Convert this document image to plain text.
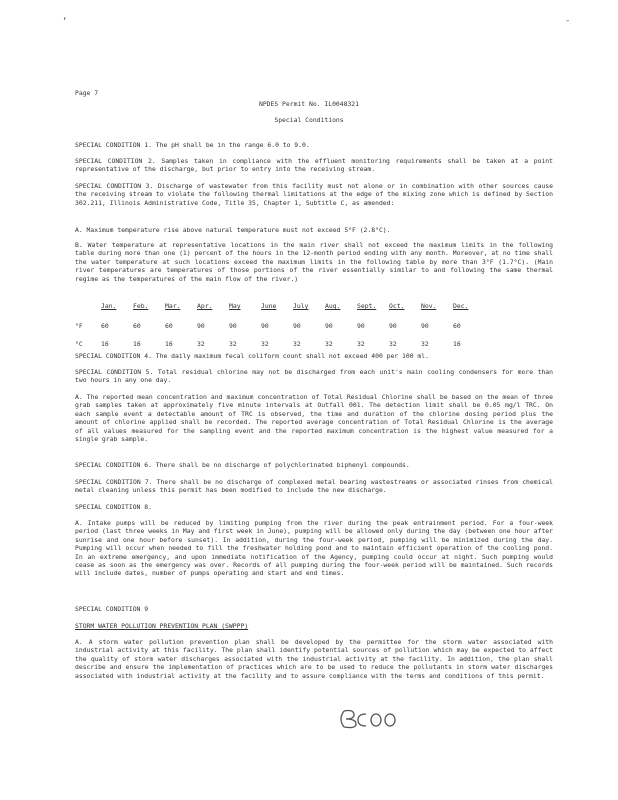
,	-
Page 7
NPDES Permit No. IL0048321
Special Conditions
SPECIAL CONDITION 1. The pH shall be in the range 6.0 to 9.0.
SPECIAL CONDITION 2. Samples taken in compliance with the effluent monitoring requirements shall be taken at a point representative of the discharge, but prior to entry into the receiving stream.
SPECIAL CONDITION 3. Discharge of wastewater from this facility must not alone or in combination with other sources cause the receiving stream to violate the following thermal limitations at the edge of the mixing zone which is defined by Section 302.211, Illinois Administrative Code, Title 35, Chapter 1, Subtitle C, as amended:
A. Maximum temperature rise above natural temperature must not exceed 5°F (2.8°C).
B. Water temperature at representative locations in the main river shall not exceed the maximum limits in the following table during more than one (1) percent of the hours in the 12-month period ending with any month. Moreover, at no time shall the water temperature at such locations exceed the maximum limits in the following table by more than 3°F (1.7°C). (Main river temperatures are temperatures of those portions of the river essentially similar to and following the same thermal regime as the temperatures of the main flow of the river.)
	Jan.	Feb.	Mar.	Apr.	May	June	July	Aug.	Sept.	Oct.	Nov.	Dec.

°F	60	60	60	90	90	90	90	90	90	90	90	60

°C	16	16	16	32	32	32	32	32	32	32	32	16
SPECIAL CONDITION 4. The daily maximum fecal coliform count shall not exceed 400 per 100 ml.
SPECIAL CONDITION 5. Total residual chlorine may not be discharged from each unit's main cooling condensers for more than two hours in any one day.
A. The reported mean concentration and maximum concentration of Total Residual Chlorine shall be based on the mean of three grab samples taken at approximately five minute intervals at Outfall 001. The detection limit shall be 0.05 mg/l TRC. On each sample event a detectable amount of TRC is observed, the time and duration of the chlorine dosing period plus the amount of chlorine applied shall be recorded. The reported average concentration of Total Residual Chlorine is the average of all values measured for the sampling event and the reported maximum concentration is the highest value measured for a single grab sample.
SPECIAL CONDITION 6. There shall be no discharge of polychlorinated biphenyl compounds.
SPECIAL CONDITION 7. There shall be no discharge of complexed metal bearing wastestreams or associated rinses from chemical metal cleaning unless this permit has been modified to include the new discharge.
SPECIAL CONDITION 8.
A. Intake pumps will be reduced by limiting pumping from the river during the peak entrainment period. For a four-week period (last three weeks in May and first week in June), pumping will be allowed only during the day (between one hour after sunrise and one hour before sunset). In addition, during the four-week period, pumping will be minimized during the day. Pumping will occur when needed to fill the freshwater holding pond and to maintain efficient operation of the cooling pond. In an extreme emergency, and upon immediate notification of the Agency, pumping could occur at night. Such pumping would cease as soon as the emergency was over. Records of all pumping during the four-week period will be maintained. Such records will include dates, number of pumps operating and start and end times.
SPECIAL CONDITION 9
STORM WATER POLLUTION PREVENTION PLAN (SWPPP)
A. A storm water pollution prevention plan shall be developed by the permittee for the storm water associated with industrial activity at this facility. The plan shall identify potential sources of pollution which may be expected to affect the quality of storm water discharges associated with the industrial activity at the facility. In addition, the plan shall describe and ensure the implementation of practices which are to be used to reduce the pollutants in storm water discharges associated with industrial activity at the facility and to assure compliance with the terms and conditions of this permit.
